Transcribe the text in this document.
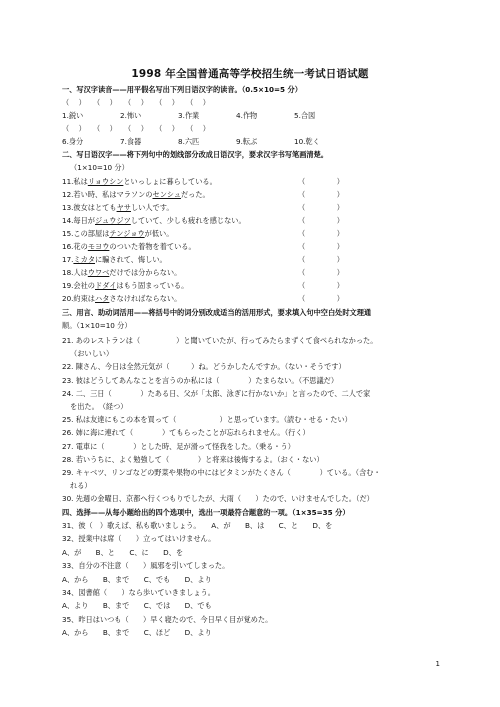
1998 年全国普通高等学校招生统一考试日语试题
一、写汉字读音——用平假名写出下列日语汉字的读音。（0.5×10=5 分）
（　 ）　　（　 ）　　（　 ）　　（　 ）　　（　 ）
1.鋭い	2.怖い	3.作業	4.作物	5.合図
（　 ）　　（　 ）　　（　 ）　　（　 ）　　（　 ）
6.身分	7.食器	8.六匹	9.転ぶ	10.乾く
二、写日语汉字——将下列句中的划线部分改成日语汉字，要求汉字书写笔画清楚。
（1×10=10 分）
11.私はリョウシンといっしょに暮らしている。	（	）
12.若い時、私はマラソンのセンシュだった。	（	）
13.彼女はとてもヤサしい人です。	（	）
14.毎日がジュウジツしていて、少しも疲れを感じない。	（	）
15.この部屋はテンジョウが低い。	（	）
16.花のモヨウのついた着物を着ている。	（	）
17.ミカタに騙されて、悔しい。	（	）
18.人はウワベだけでは分からない。	（	）
19.会社のドダイはもう固まっている。	（	）
20.約束はハタさなければならない。	（	）
三、用言、助动词活用——将括号中的词分别改成适当的活用形式，要求填入句中空白处时文理通
顺。（1×10=10 分）
21. あのレストランは（　　　　　）と聞いていたが、行ってみたらまずくて食べられなかった。
（おいしい）
22. 陳さん、今日は全然元気が（　　　）ね。どうかしたんですか。（ない・そうです）
23. 彼はどうしてあんなことを言うのか私には（　　　　）たまらない。（不思議だ）
24. 二、三日（　　　　）たある日、父が「太郎、泳ぎに行かないか」と言ったので、二人で家
を出た。　（経つ）
25. 私は友達にもこの本を買って（　　　　　　）と思っています。（読む・せる・たい）
26. 姉に海に連れて（　　　　）てもらったことが忘れられません。（行く）
27. 電車に（　　　　）とした時、足が滑って怪我をした。（乗る・う）
28. 若いうちに、よく勉強して（　　　　）と将来は後悔するよ。（おく・ない）
29. キャベツ、リンゴなどの野菜や果物の中にはビタミンがたくさん（　　　　）ている。（含む・
れる）
30. 先週の金曜日、京都へ行くつもりでしたが、大雨（　　）たので、いけませんでした。（だ）
四、选择——从每小题给出的四个选项中，选出一项最符合题意的一项。（1×35=35 分）
31、彼（　）歌えば、私も歌いましょう。　　A、が　　B、は　　C、と　　D、を
32、授業中は席（　　）立ってはいけません。
A、が　　B、と　　C、に　　D、を
33、自分の不注意（　　）風邪を引いてしまった。
A、から　　B、まで　　C、でも　　D、より
34、図書館（　　）なら歩いていきましょう。
A、より　　B、まで　　C、では　　D、でも
35、昨日はいつも（　　）早く寝たので、今日早く目が覚めた。
A、から　　B、まで　　C、ほど　　D、より
1
